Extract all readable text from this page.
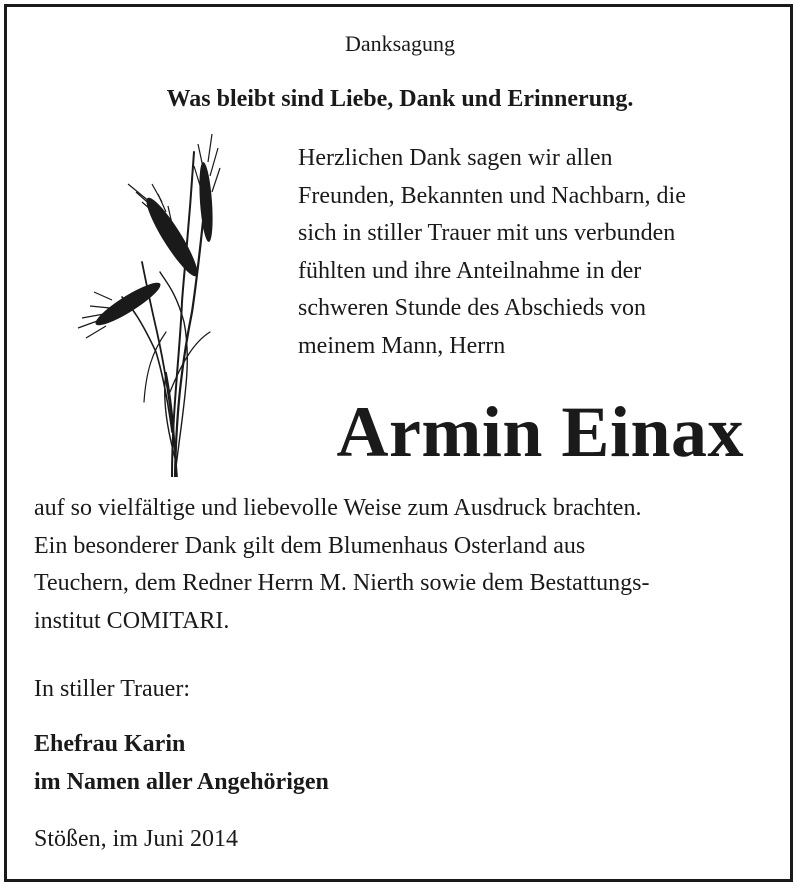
Danksagung
Was bleibt sind Liebe, Dank und Erinnerung.
Herzlichen Dank sagen wir allen
Freunden, Bekannten und Nachbarn, die
sich in stiller Trauer mit uns verbunden
fühlten und ihre Anteilnahme in der
schweren Stunde des Abschieds von
meinem Mann, Herrn
Armin Einax
auf so vielfältige und liebevolle Weise zum Ausdruck brachten.
Ein besonderer Dank gilt dem Blumenhaus Osterland aus
Teuchern, dem Redner Herrn M. Nierth sowie dem Bestattungs-
institut COMITARI.
In stiller Trauer:
Ehefrau Karin
im Namen aller Angehörigen
Stößen, im Juni 2014
